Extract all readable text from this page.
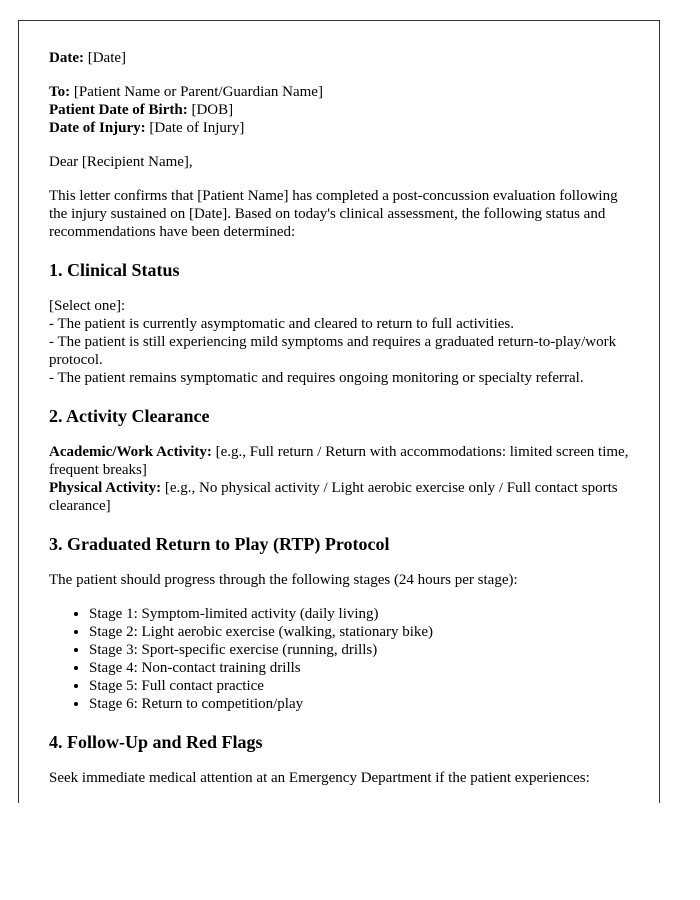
Date: [Date]

To: [Patient Name or Parent/Guardian Name]
Patient Date of Birth: [DOB]
Date of Injury: [Date of Injury]

Dear [Recipient Name],

This letter confirms that [Patient Name] has completed a post-concussion evaluation following the injury sustained on [Date]. Based on today's clinical assessment, the following status and recommendations have been determined:

1. Clinical Status

[Select one]:
- The patient is currently asymptomatic and cleared to return to full activities.
- The patient is still experiencing mild symptoms and requires a graduated return-to-play/work protocol.
- The patient remains symptomatic and requires ongoing monitoring or specialty referral.

2. Activity Clearance

Academic/Work Activity: [e.g., Full return / Return with accommodations: limited screen time, frequent breaks]
Physical Activity: [e.g., No physical activity / Light aerobic exercise only / Full contact sports clearance]

3. Graduated Return to Play (RTP) Protocol

The patient should progress through the following stages (24 hours per stage):

• Stage 1: Symptom-limited activity (daily living)
• Stage 2: Light aerobic exercise (walking, stationary bike)
• Stage 3: Sport-specific exercise (running, drills)
• Stage 4: Non-contact training drills
• Stage 5: Full contact practice
• Stage 6: Return to competition/play
4. Follow-Up and Red Flags

Seek immediate medical attention at an Emergency Department if the patient experiences:
